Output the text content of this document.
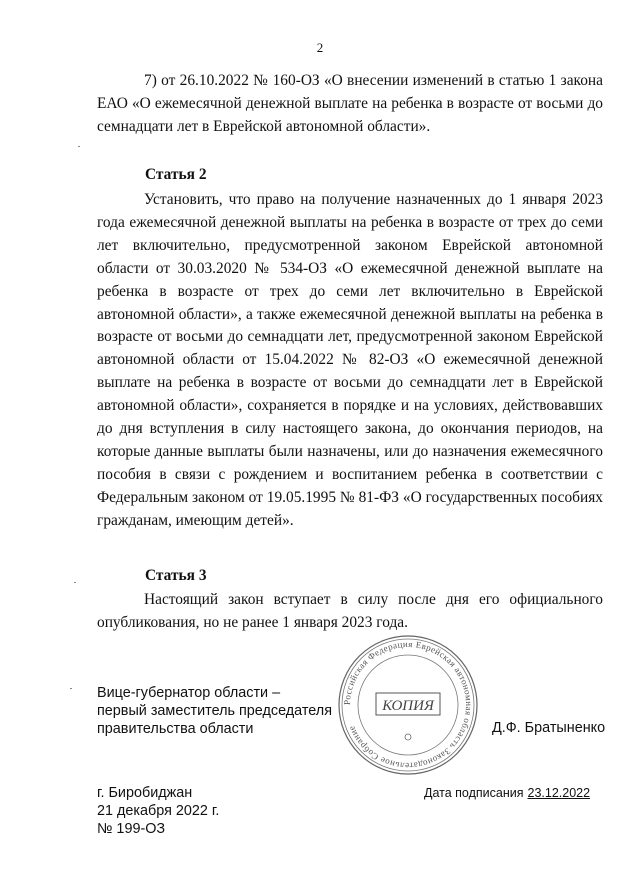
2

7) от 26.10.2022 № 160-ОЗ «О внесении изменений в статью 1 закона ЕАО «О ежемесячной денежной выплате на ребенка в возрасте от восьми до семнадцати лет в Еврейской автономной области».

Статья 2

Установить, что право на получение назначенных до 1 января 2023 года ежемесячной денежной выплаты на ребенка в возрасте от трех до семи лет включительно, предусмотренной законом Еврейской автономной области от 30.03.2020 № 534-ОЗ «О ежемесячной денежной выплате на ребенка в возрасте от трех до семи лет включительно в Еврейской автономной области», а также ежемесячной денежной выплаты на ребенка в возрасте от восьми до семнадцати лет, предусмотренной законом Еврейской автономной области от 15.04.2022 № 82-ОЗ «О ежемесячной денежной выплате на ребенка в возрасте от восьми до семнадцати лет в Еврейской автономной области», сохраняется в порядке и на условиях, действовавших до дня вступления в силу настоящего закона, до окончания периодов, на которые данные выплаты были назначены, или до назначения ежемесячного пособия в связи с рождением и воспитанием ребенка в соответствии с Федеральным законом от 19.05.1995 № 81-ФЗ «О государственных пособиях гражданам, имеющим детей».

Статья 3

Настоящий закон вступает в силу после дня его официального опубликования, но не ранее 1 января 2023 года.

Российская Федерация Еврейская автономная область Законодательное Собрание
КОПИЯ
Вице-губернатор области –
первый заместитель председателя
правительства области	Д.Ф. Братыненко
Дата подписания 23.12.2022
г. Биробиджан
21 декабря 2022 г.
№ 199-ОЗ
